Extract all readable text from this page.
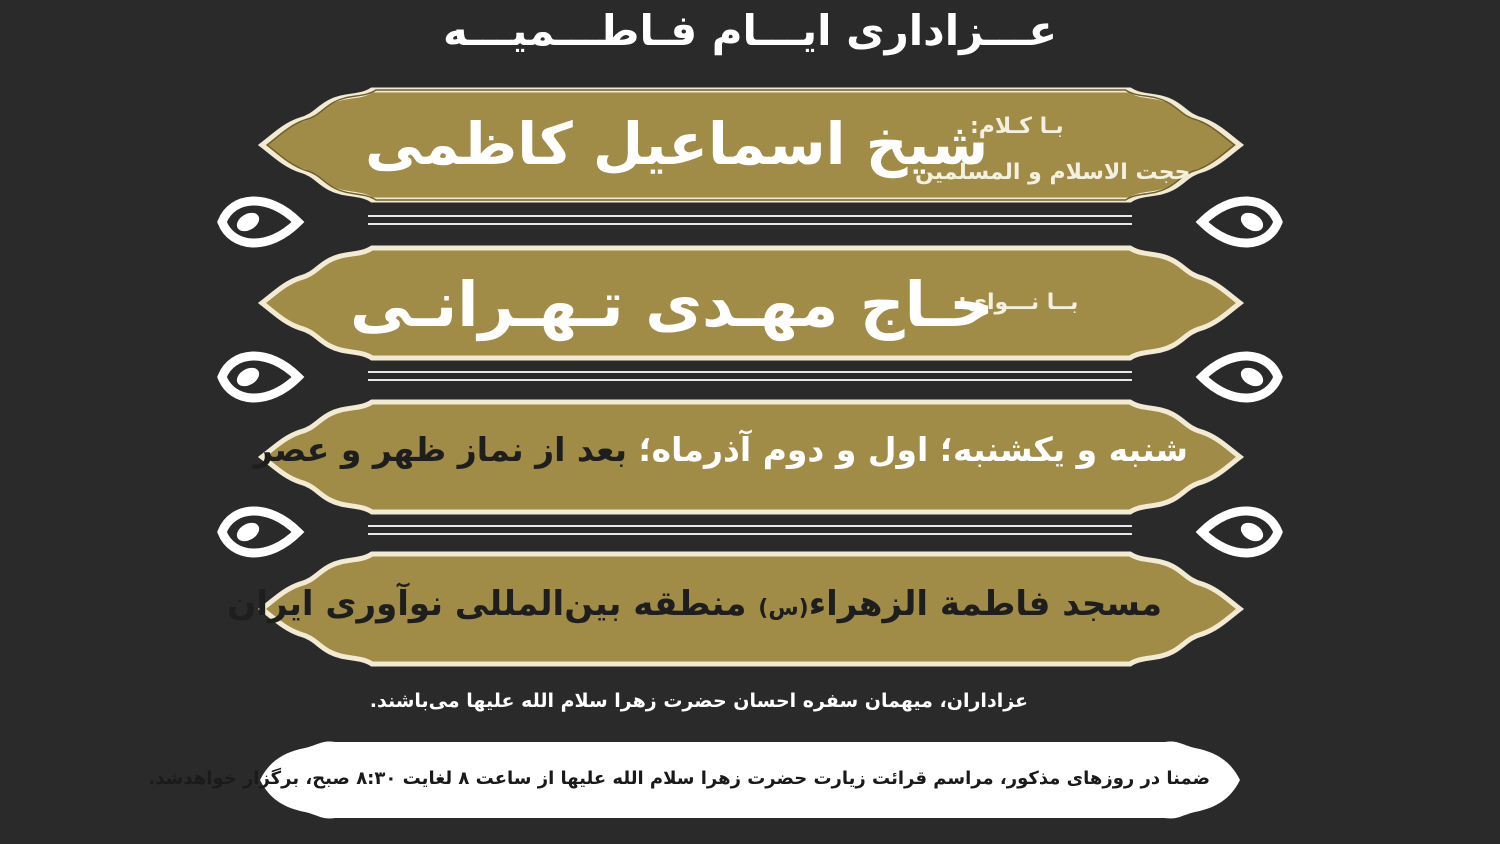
عـــزاداری ایـــام فـاطـــمیـــه
بـا کـلام:
حجت الاسلام و المسلمین
شیخ اسماعیل کاظمی
بــا نـــوای:
حـاج مهـدی تـهـرانـی
شنبه و یکشنبه؛ اول و دوم آذرماه؛ بعد از نماز ظهر و عصر
مسجد فاطمة الزهراء(س) منطقه بین‌المللی نوآوری ایران
عزاداران، میهمان سفره احسان حضرت زهرا سلام الله علیها می‌باشند.
ضمنا در روزهای مذکور، مراسم قرائت زیارت حضرت زهرا سلام الله علیها از ساعت ۸ لغایت ۸:۳۰ صبح، برگزار خواهدشد.
